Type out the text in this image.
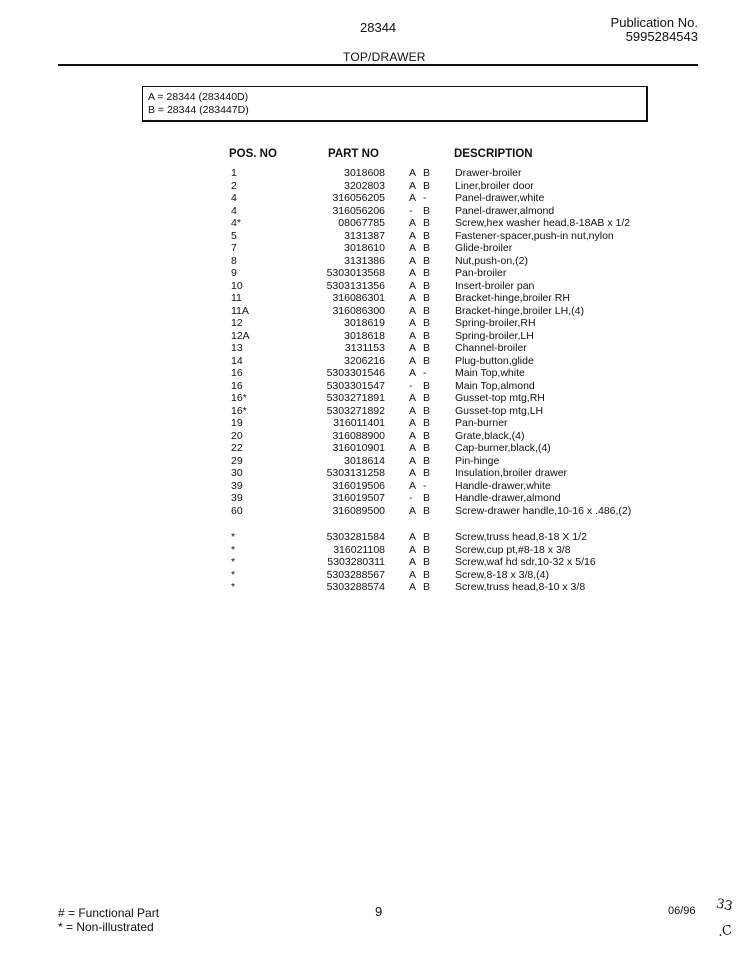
28344	Publication No.
5995284543
TOP/DRAWER
A = 28344 (283440D)
B = 28344 (283447D)
POS. NO	PART NO	DESCRIPTION
1	3018608 A B Drawer-broiler
2	3202803 A B Liner,broiler door
4	316056205 A -	Panel-drawer,white
4	316056206 - B Panel-drawer,almond
4*	08067785 A B Screw,hex washer head,8-18AB x 1/2
5	3131387 A B Fastener-spacer,push-in nut,nylon
7	3018610 A B Glide-broiler
8	3131386 A B Nut,push-on,(2)
9	5303013568 A B Pan-broiler
10	5303131356 A B Insert-broiler pan
11	316086301 A B Bracket-hinge,broiler RH
11A	316086300 A B Bracket-hinge,broiler LH,(4)
12	3018619 A B Spring-broiler,RH
12A	3018618 A B Spring-broiler,LH
13	3131153 A B Channel-broiler
14	3206216 A B Plug-button,glide
16	5303301546 A -	Main Top,white
16	5303301547 - B Main Top,almond
16*	5303271891 A B Gusset-top mtg,RH
16*	5303271892 A B Gusset-top mtg,LH
19	316011401 A B Pan-burner
20	316088900 A B Grate,black,(4)
22	316010901 A B Cap-burner,black,(4)
29	3018614 A B Pin-hinge
30	5303131258 A B Insulation,broiler drawer
39	316019506 A -	Handle-drawer,white
39	316019507 - B Handle-drawer,almond
60	316089500 A B Screw-drawer handle,10-16 x .486,(2)
*	5303281584 A B Screw,truss head,8-18 X 1/2
*	316021108 A B Screw,cup pt,#8-18 x 3/8
*	5303280311 A B Screw,waf hd sdr,10-32 x 5/16
*	5303288567 A B Screw,8-18 x 3/8,(4)
*	5303288574 A B Screw,truss head,8-10 x 3/8
# = Functional Part
* = Non-illustrated
9	06/96 33
.C
